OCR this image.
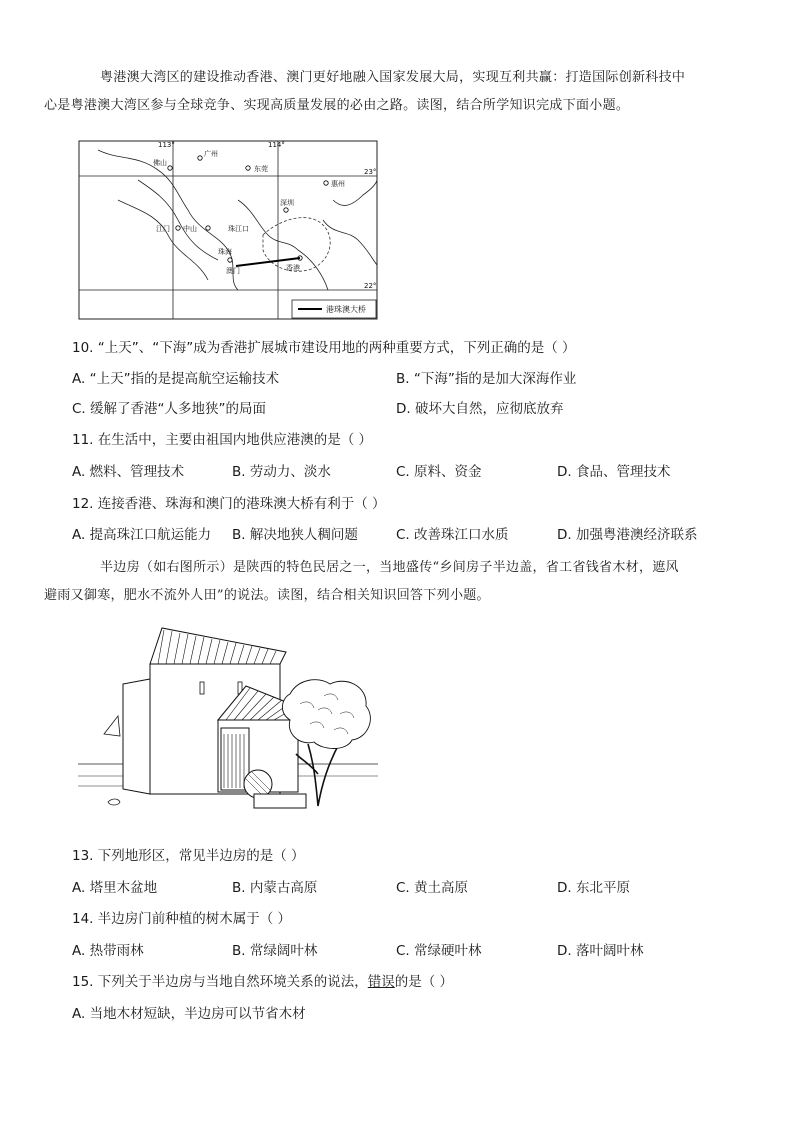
粤港澳大湾区的建设推动香港、澳门更好地融入国家发展大局，实现互利共赢：打造国际创新科技中
心是粤港澳大湾区参与全球竞争、实现高质量发展的必由之路。读图，结合所学知识完成下面小题。
113°	114°
23°
22°
佛山
广州
东莞
惠州
深圳
中山
江门	珠江口
珠海
澳门	香港
港珠澳大桥
10. “上天”、“下海”成为香港扩展城市建设用地的两种重要方式，下列正确的是（ ）
A. “上天”指的是提高航空运输技术	B. “下海”指的是加大深海作业
C. 缓解了香港“人多地狭”的局面	D. 破坏大自然，应彻底放弃
11. 在生活中，主要由祖国内地供应港澳的是（ ）
A. 燃料、管理技术	B. 劳动力、淡水	C. 原料、资金	D. 食品、管理技术
12. 连接香港、珠海和澳门的港珠澳大桥有利于（ ）
A. 提高珠江口航运能力 B. 解决地狭人稠问题	C. 改善珠江口水质	D. 加强粤港澳经济联系
半边房（如右图所示）是陕西的特色民居之一，当地盛传“乡间房子半边盖，省工省钱省木材，遮风
避雨又御寒，肥水不流外人田”的说法。读图，结合相关知识回答下列小题。
13. 下列地形区，常见半边房的是（ ）
A. 塔里木盆地	B. 内蒙古高原	C. 黄土高原	D. 东北平原
14. 半边房门前种植的树木属于（ ）
A. 热带雨林	B. 常绿阔叶林	C. 常绿硬叶林	D. 落叶阔叶林
15. 下列关于半边房与当地自然环境关系的说法，错误的是（ ）
A. 当地木材短缺，半边房可以节省木材
